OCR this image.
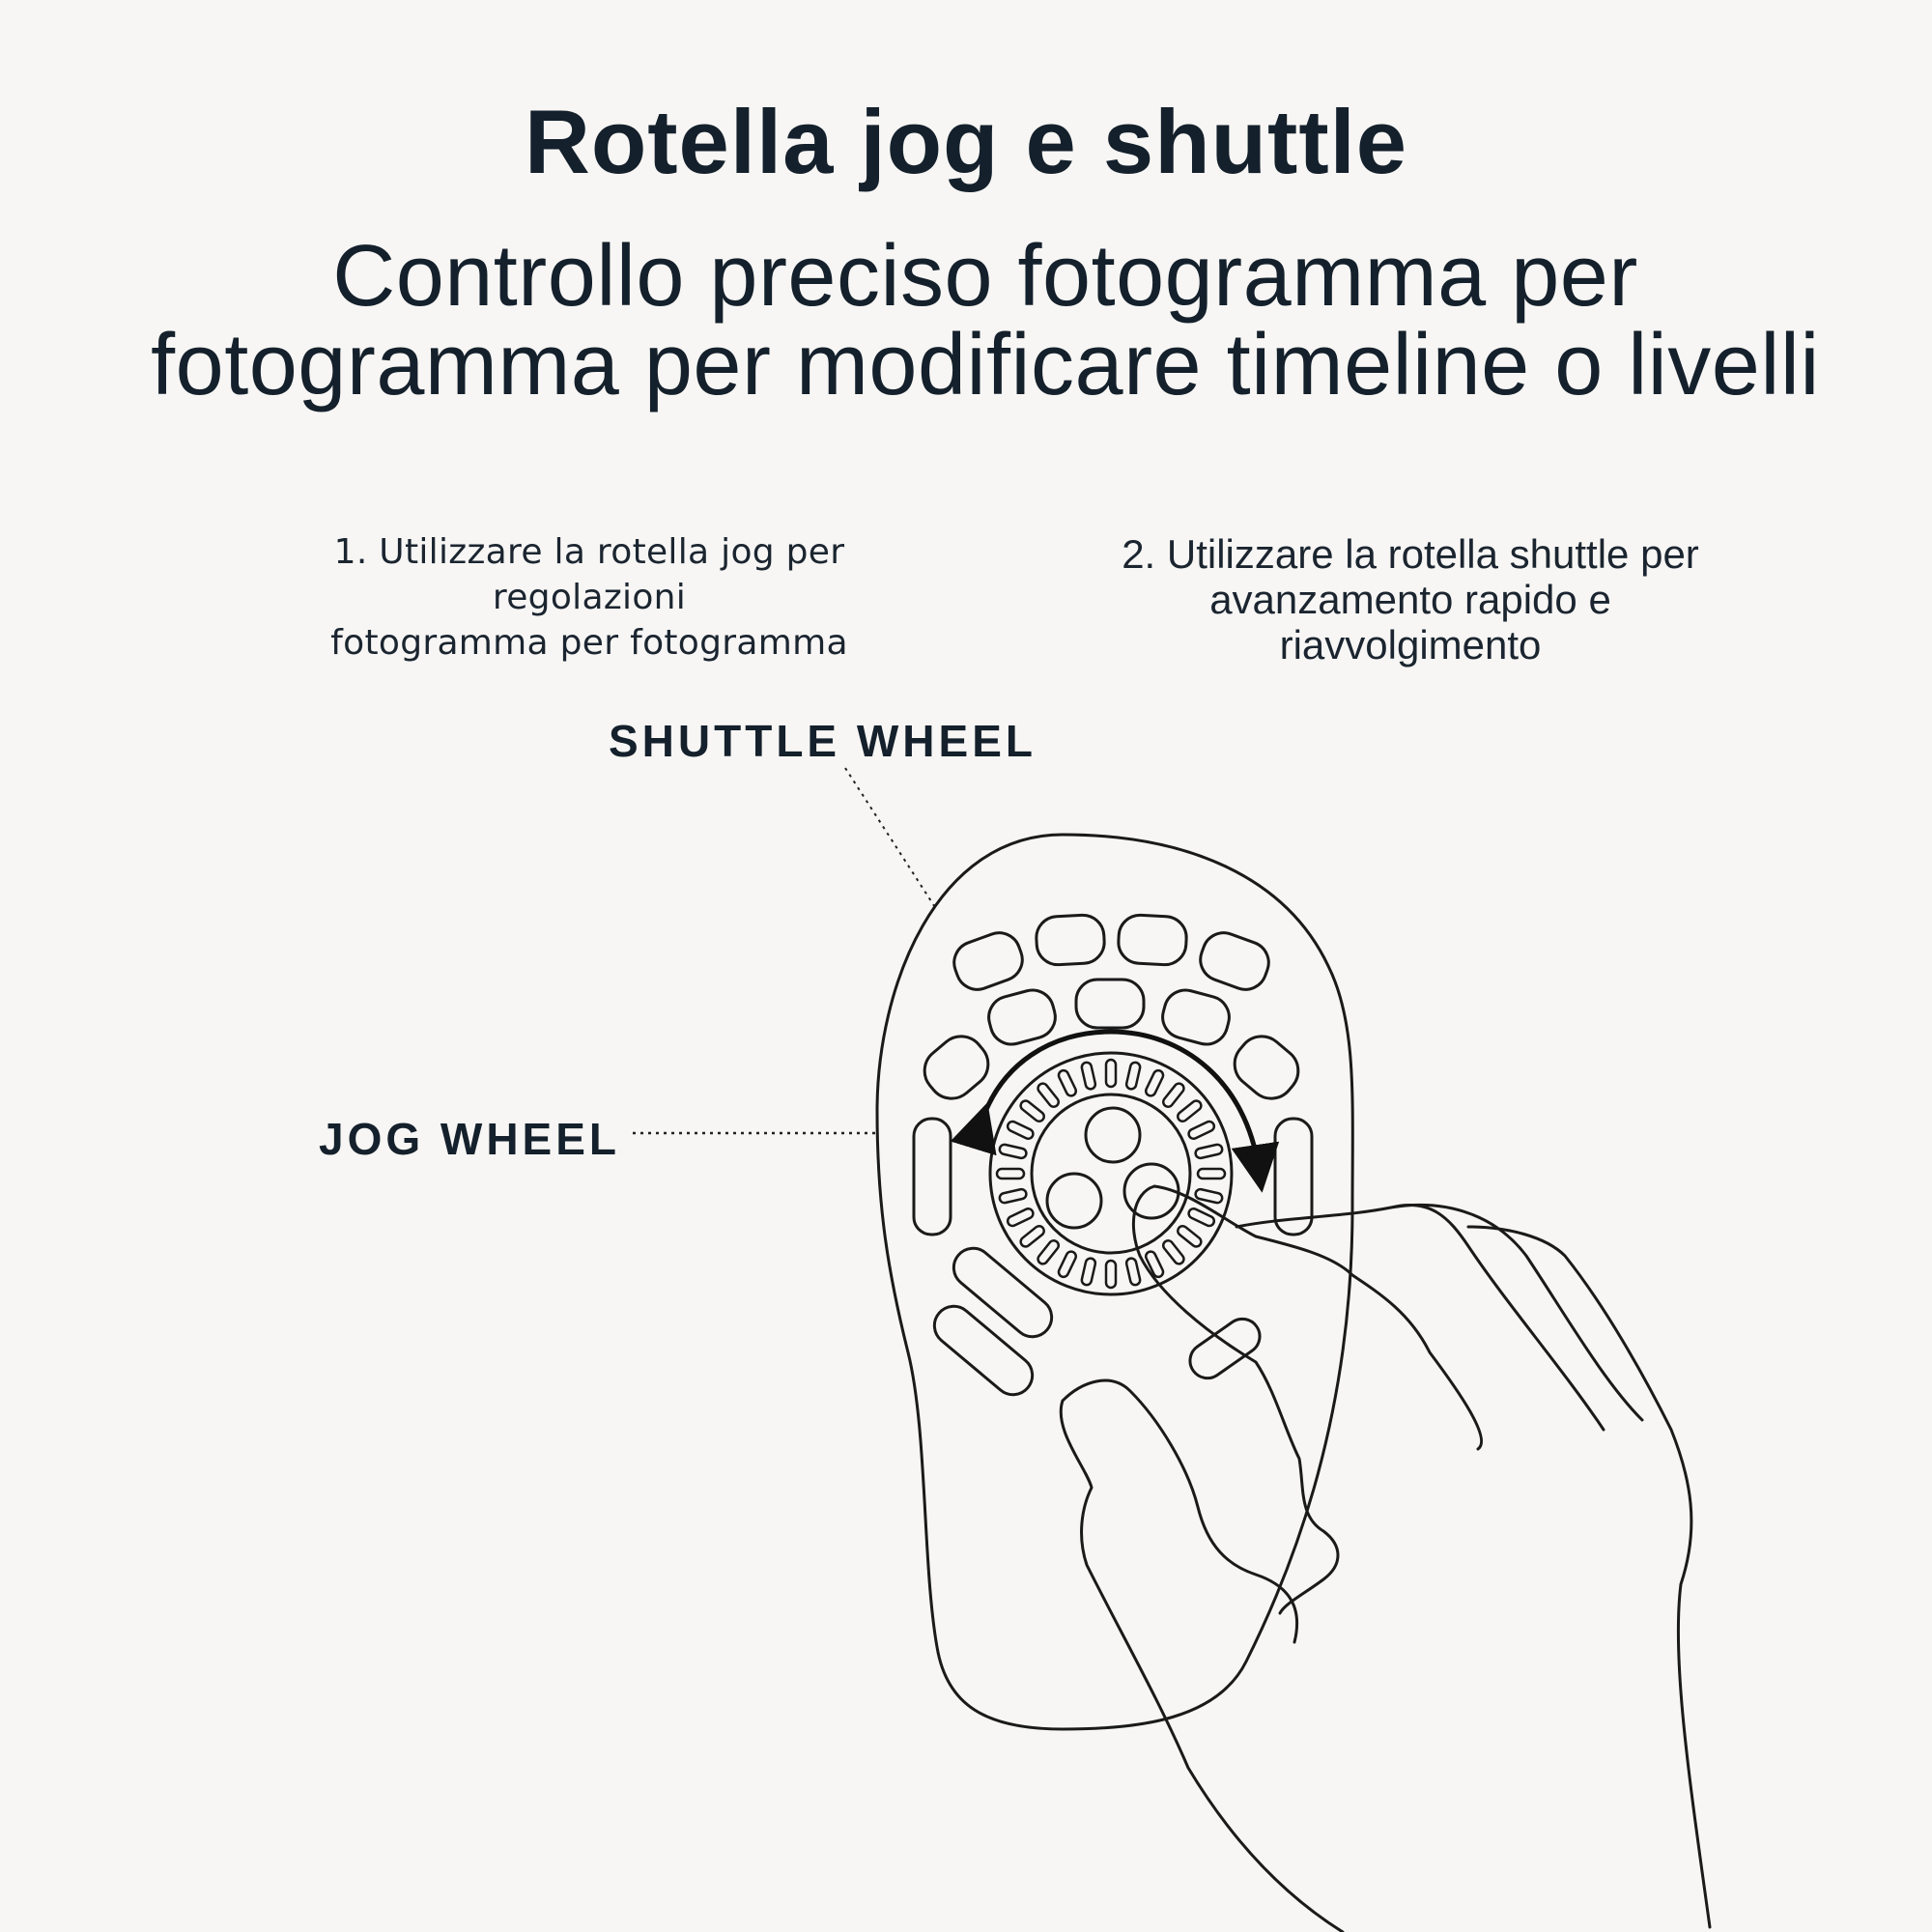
Rotella jog e shuttle
Controllo preciso fotogramma per
fotogramma per modificare timeline o livelli
1. Utilizzare la rotella jog per regolazioni
fotogramma per fotogramma
2. Utilizzare la rotella shuttle per
avanzamento rapido e
riavvolgimento
SHUTTLE WHEEL
JOG WHEEL
